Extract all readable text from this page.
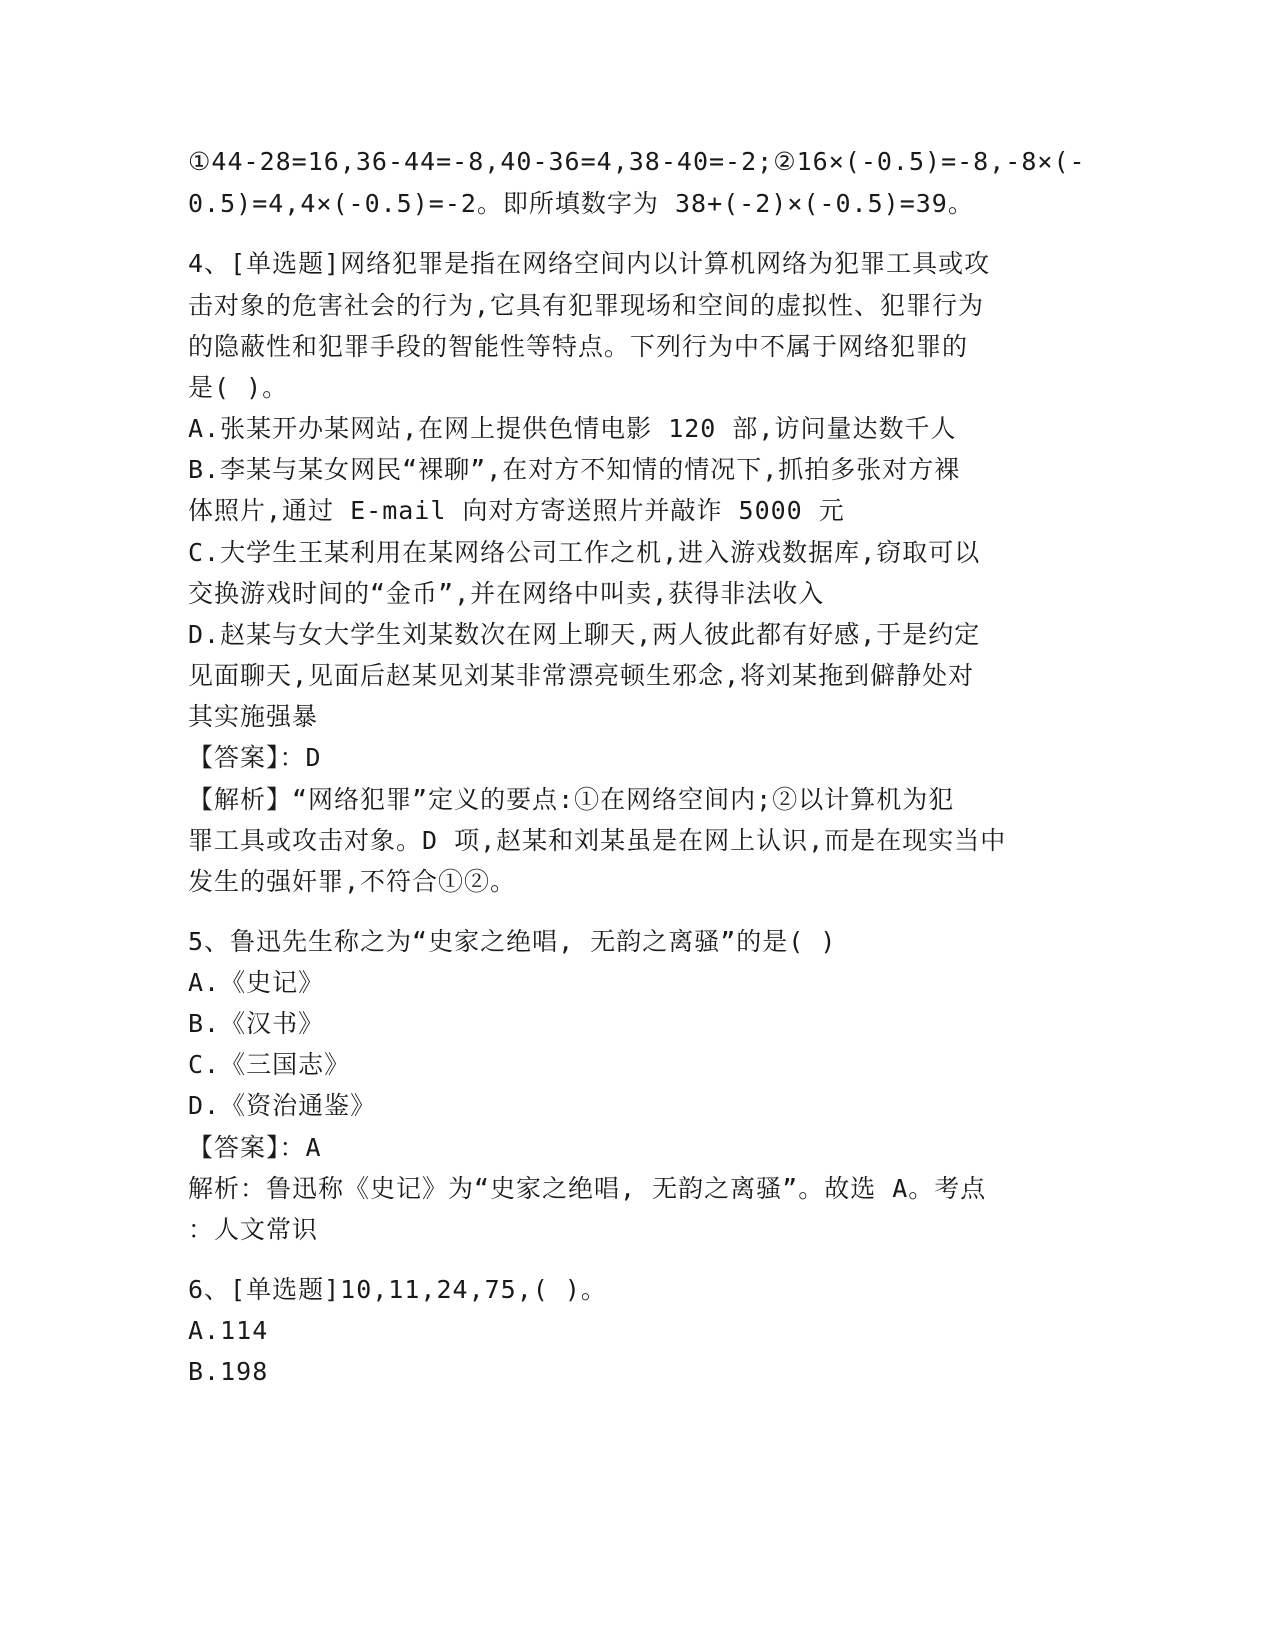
①44-28=16,36-44=-8,40-36=4,38-40=-2;②16×(-0.5)=-8,-8×(-
0.5)=4,4×(-0.5)=-2。即所填数字为 38+(-2)×(-0.5)=39。
4、[单选题]网络犯罪是指在网络空间内以计算机网络为犯罪工具或攻
击对象的危害社会的行为,它具有犯罪现场和空间的虚拟性、犯罪行为
的隐蔽性和犯罪手段的智能性等特点。下列行为中不属于网络犯罪的
是( )。
A.张某开办某网站,在网上提供色情电影 120 部,访问量达数千人
B.李某与某女网民“裸聊”,在对方不知情的情况下,抓拍多张对方裸
体照片,通过 E-mail 向对方寄送照片并敲诈 5000 元
C.大学生王某利用在某网络公司工作之机,进入游戏数据库,窃取可以
交换游戏时间的“金币”,并在网络中叫卖,获得非法收入
D.赵某与女大学生刘某数次在网上聊天,两人彼此都有好感,于是约定
见面聊天,见面后赵某见刘某非常漂亮顿生邪念,将刘某拖到僻静处对
其实施强暴
【答案】：D
【解析】“网络犯罪”定义的要点:①在网络空间内;②以计算机为犯
罪工具或攻击对象。D 项,赵某和刘某虽是在网上认识,而是在现实当中
发生的强奸罪,不符合①②。
5、鲁迅先生称之为“史家之绝唱, 无韵之离骚”的是( )
A.《史记》
B.《汉书》
C.《三国志》
D.《资治通鉴》
【答案】：A
解析：鲁迅称《史记》为“史家之绝唱, 无韵之离骚”。故选 A。考点
：人文常识
6、[单选题]10,11,24,75,( )。
A.114
B.198
